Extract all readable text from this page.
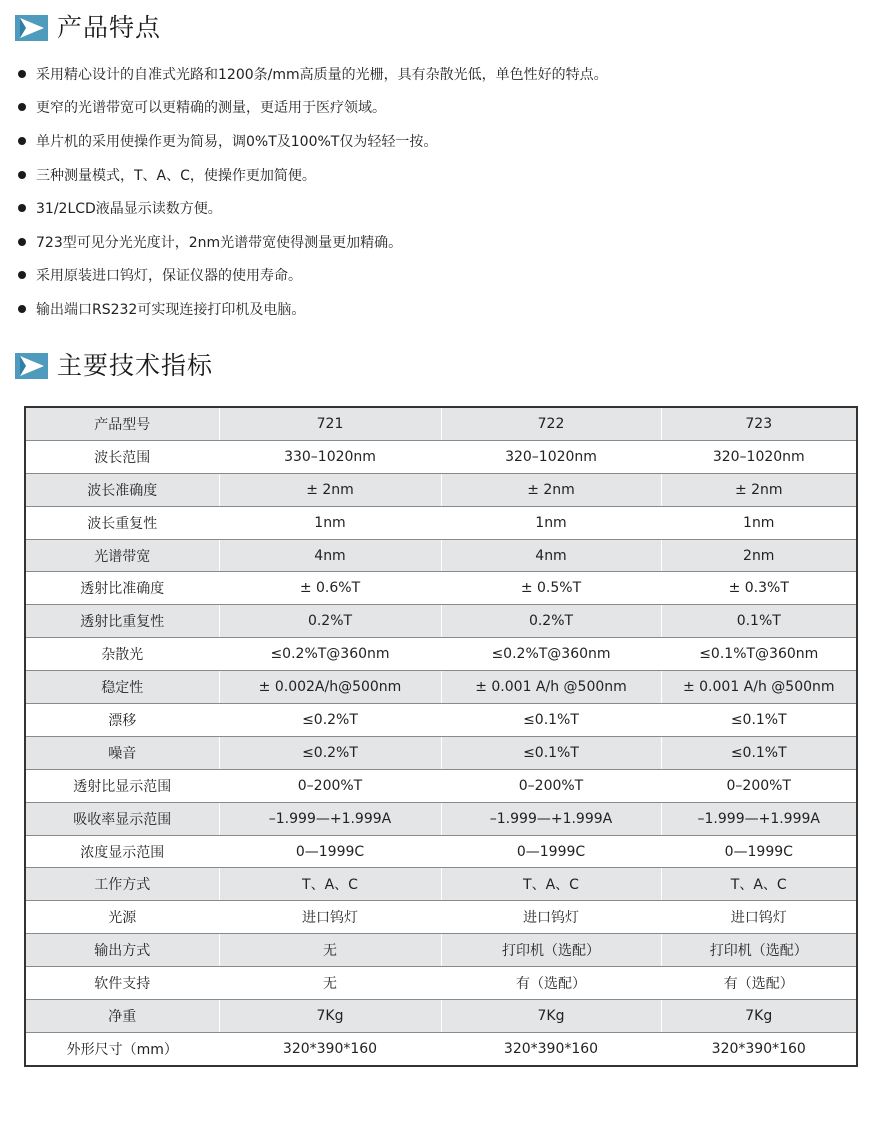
产品特点
采用精心设计的自准式光路和1200条/mm高质量的光栅，具有杂散光低，单色性好的特点。
更窄的光谱带宽可以更精确的测量，更适用于医疗领域。
单片机的采用使操作更为简易，调0%T及100%T仅为轻轻一按。
三种测量模式，T、A、C，使操作更加简便。
31/2LCD液晶显示读数方便。
723型可见分光光度计，2nm光谱带宽使得测量更加精确。
采用原装进口钨灯，保证仪器的使用寿命。
输出端口RS232可实现连接打印机及电脑。
主要技术指标
产品型号	721	722	723
波长范围	330–1020nm	320–1020nm	320–1020nm
波长准确度	± 2nm	± 2nm	± 2nm
波长重复性	1nm	1nm	1nm
光谱带宽	4nm	4nm	2nm
透射比准确度	± 0.6%T	± 0.5%T	± 0.3%T
透射比重复性	0.2%T	0.2%T	0.1%T
杂散光	≤0.2%T@360nm	≤0.2%T@360nm	≤0.1%T@360nm
稳定性	± 0.002A/h@500nm	± 0.001 A/h @500nm	± 0.001 A/h @500nm
漂移	≤0.2%T	≤0.1%T	≤0.1%T
噪音	≤0.2%T	≤0.1%T	≤0.1%T
透射比显示范围	0–200%T	0–200%T	0–200%T
吸收率显示范围	–1.999—+1.999A	–1.999—+1.999A	–1.999—+1.999A
浓度显示范围	0—1999C	0—1999C	0—1999C
工作方式	T、A、C	T、A、C	T、A、C
光源	进口钨灯	进口钨灯	进口钨灯
输出方式	无	打印机（选配）	打印机（选配）
软件支持	无	有（选配）	有（选配）
净重	7Kg	7Kg	7Kg
外形尺寸（mm）	320*390*160	320*390*160	320*390*160
